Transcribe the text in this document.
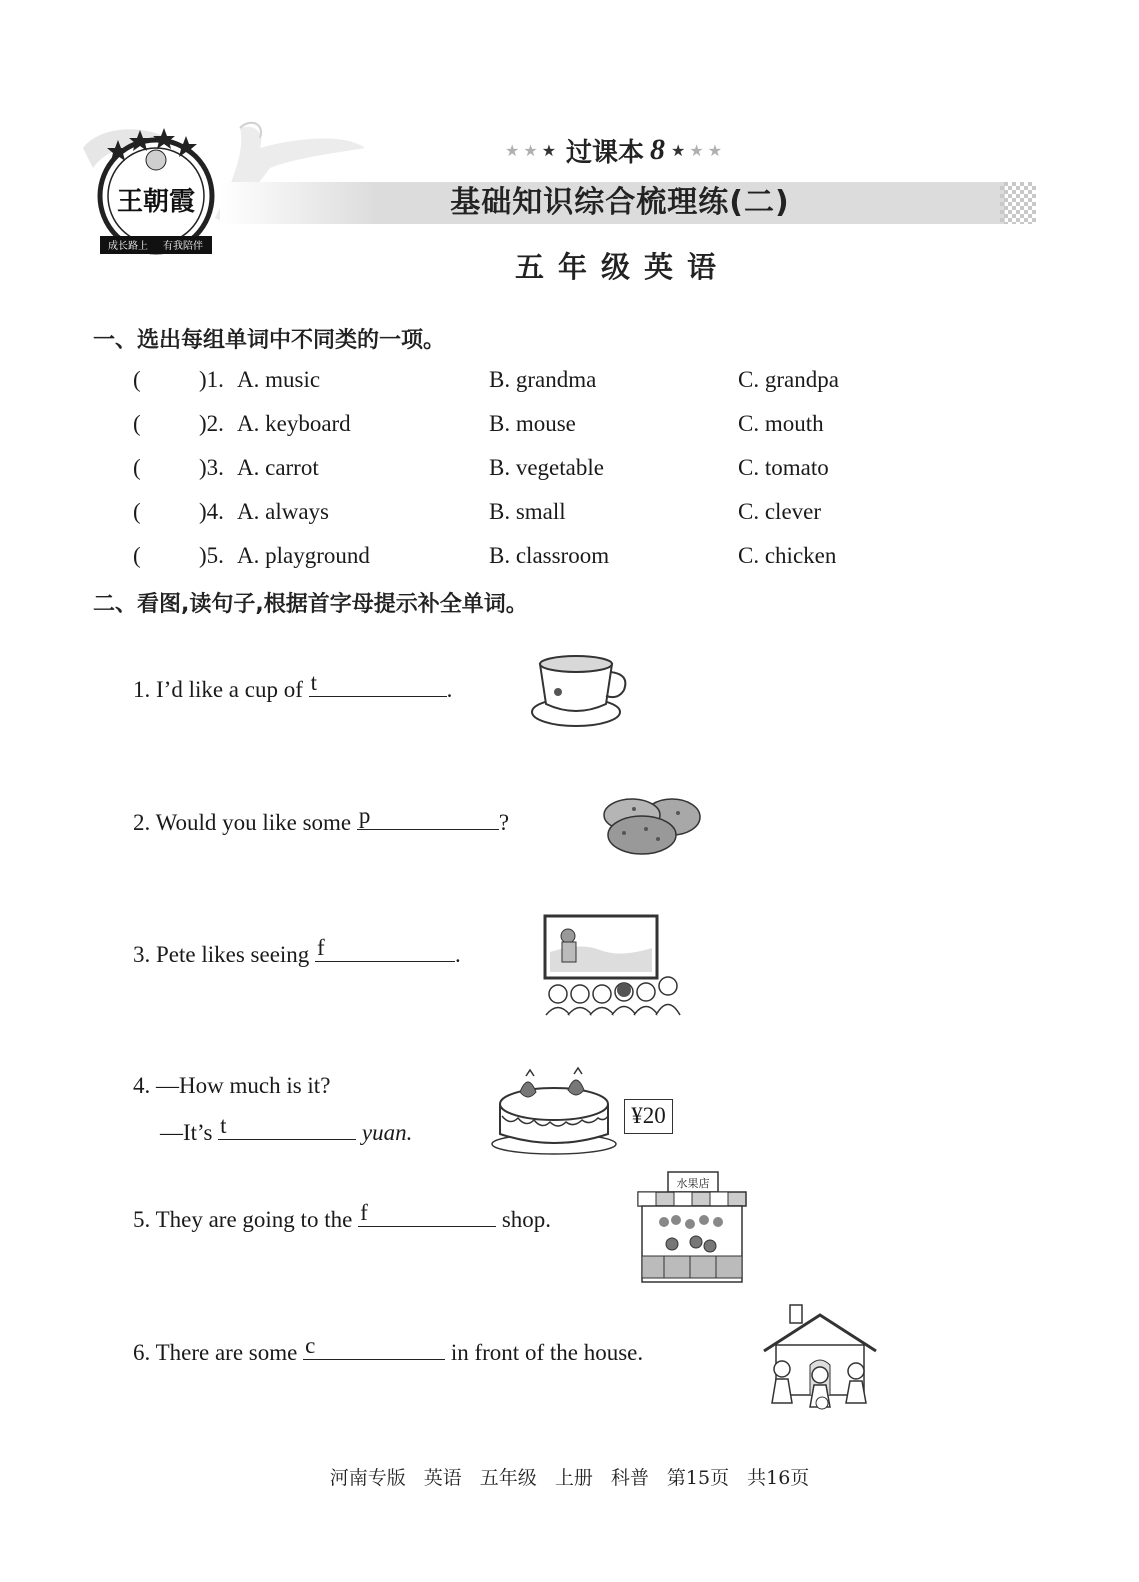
王朝霞
成长路上 有我陪伴
★★★ 过课本 8 ★★★
基础知识综合梳理练(二)
五年级英语
一、选出每组单词中不同类的一项。
(	)1. A. music	B. grandma	C. grandpa
(	)2. A. keyboard	B. mouse	C. mouth
(	)3. A. carrot	B. vegetable	C. tomato
(	)4. A. always	B. small	C. clever
(	)5. A. playground	B. classroom	C. chicken
二、看图,读句子,根据首字母提示补全单词。
1. I’d like a cup of t	.
2. Would you like some p	?
3. Pete likes seeing f	.
4. —How much is it?
—It’s t	yuan.
¥20
5. They are going to the f	shop.
水果店
6. There are some c	in front of the house.
河南专版 英语 五年级 上册 科普 第15页 共16页
